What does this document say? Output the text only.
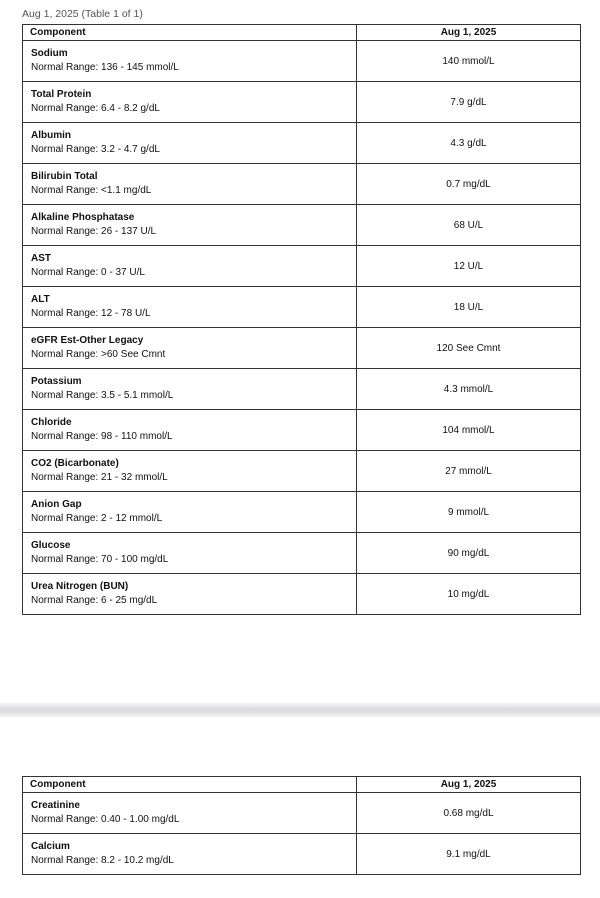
Aug 1, 2025 (Table 1 of 1)
Component	Aug 1, 2025

Sodium
Normal Range: 136 - 145 mmol/L	140 mmol/L

Total Protein
Normal Range: 6.4 - 8.2 g/dL	7.9 g/dL

Albumin
Normal Range: 3.2 - 4.7 g/dL	4.3 g/dL

Bilirubin Total
Normal Range: <1.1 mg/dL	0.7 mg/dL

Alkaline Phosphatase
Normal Range: 26 - 137 U/L	68 U/L

AST
Normal Range: 0 - 37 U/L	12 U/L

ALT
Normal Range: 12 - 78 U/L	18 U/L

eGFR Est-Other Legacy
Normal Range: >60 See Cmnt	120 See Cmnt

Potassium
Normal Range: 3.5 - 5.1 mmol/L	4.3 mmol/L

Chloride
Normal Range: 98 - 110 mmol/L	104 mmol/L

CO2 (Bicarbonate)
Normal Range: 21 - 32 mmol/L	27 mmol/L

Anion Gap
Normal Range: 2 - 12 mmol/L	9 mmol/L

Glucose
Normal Range: 70 - 100 mg/dL	90 mg/dL

Urea Nitrogen (BUN)
Normal Range: 6 - 25 mg/dL	10 mg/dL
Component	Aug 1, 2025

Creatinine
Normal Range: 0.40 - 1.00 mg/dL	0.68 mg/dL

Calcium
Normal Range: 8.2 - 10.2 mg/dL	9.1 mg/dL
